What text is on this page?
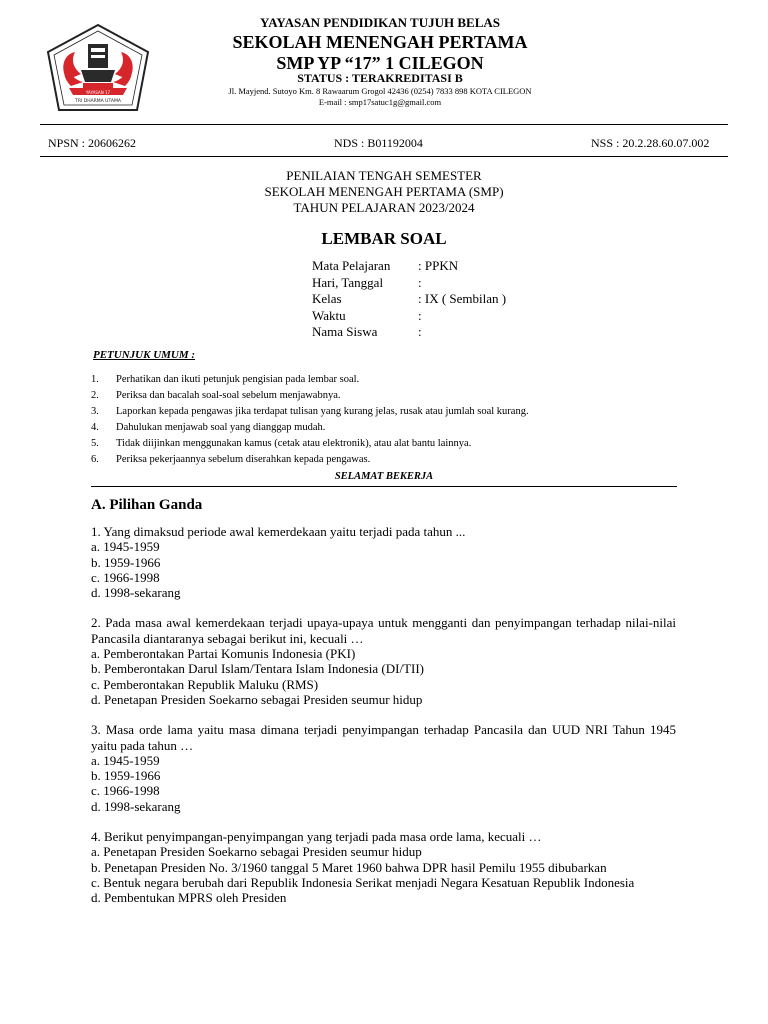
YAYASAN 17
TRI DHARMA UTAMA
YAYASAN PENDIDIKAN TUJUH BELAS
SEKOLAH MENENGAH PERTAMA
SMP YP “17” 1 CILEGON
STATUS : TERAKREDITASI B
Jl. Mayjend. Sutoyo Km. 8 Rawaarum Grogol 42436 (0254) 7833 898 KOTA CILEGON
E-mail : smp17satuc1g@gmail.com
NPSN : 20606262	NDS : B01192004	NSS : 20.2.28.60.07.002
PENILAIAN TENGAH SEMESTER
SEKOLAH MENENGAH PERTAMA (SMP)
TAHUN PELAJARAN 2023/2024
LEMBAR SOAL
Mata Pelajaran : PPKN
Hari, Tanggal	:
Kelas	: IX ( Sembilan )
Waktu	:
Nama Siswa	:
PETUNJUK UMUM :
1. Perhatikan dan ikuti petunjuk pengisian pada lembar soal.
2. Periksa dan bacalah soal-soal sebelum menjawabnya.
3. Laporkan kepada pengawas jika terdapat tulisan yang kurang jelas, rusak atau jumlah soal kurang.
4. Dahulukan menjawab soal yang dianggap mudah.
5. Tidak diijinkan menggunakan kamus (cetak atau elektronik), atau alat bantu lainnya.
6. Periksa pekerjaannya sebelum diserahkan kepada pengawas.
SELAMAT BEKERJA
A. Pilihan Ganda
1. Yang dimaksud periode awal kemerdekaan yaitu terjadi pada tahun ...
a. 1945-1959
b. 1959-1966
c. 1966-1998
d. 1998-sekarang
2. Pada masa awal kemerdekaan terjadi upaya-upaya untuk mengganti dan penyimpangan terhadap nilai-nilai Pancasila diantaranya sebagai berikut ini, kecuali …
a. Pemberontakan Partai Komunis Indonesia (PKI)
b. Pemberontakan Darul Islam/Tentara Islam Indonesia (DI/TII)
c. Pemberontakan Republik Maluku (RMS)
d. Penetapan Presiden Soekarno sebagai Presiden seumur hidup
3. Masa orde lama yaitu masa dimana terjadi penyimpangan terhadap Pancasila dan UUD NRI Tahun 1945 yaitu pada tahun …
a. 1945-1959
b. 1959-1966
c. 1966-1998
d. 1998-sekarang
4. Berikut penyimpangan-penyimpangan yang terjadi pada masa orde lama, kecuali …
a. Penetapan Presiden Soekarno sebagai Presiden seumur hidup
b. Penetapan Presiden No. 3/1960 tanggal 5 Maret 1960 bahwa DPR hasil Pemilu 1955 dibubarkan
c. Bentuk negara berubah dari Republik Indonesia Serikat menjadi Negara Kesatuan Republik Indonesia
d. Pembentukan MPRS oleh Presiden
